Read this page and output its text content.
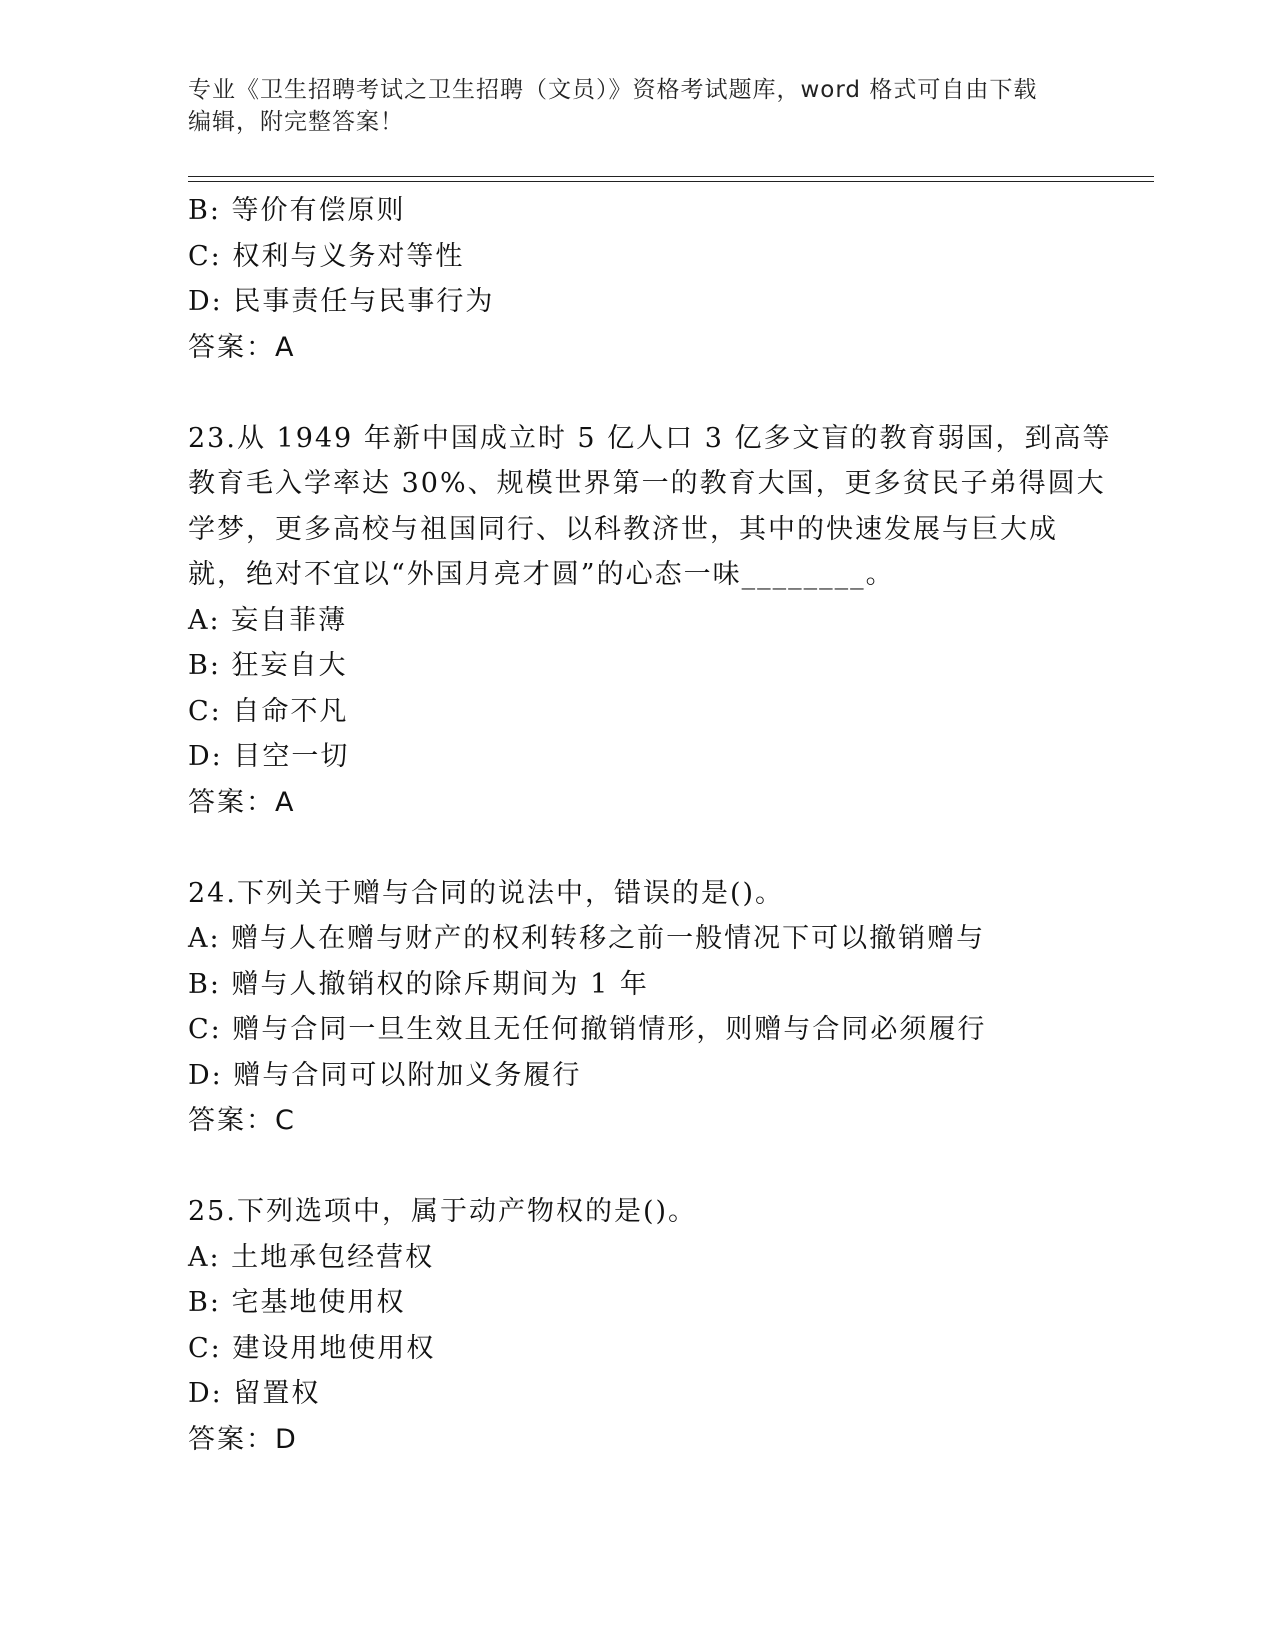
专业《卫生招聘考试之卫生招聘（文员）》资格考试题库，word 格式可自由下载
编辑，附完整答案！
B: 等价有偿原则
C: 权利与义务对等性
D: 民事责任与民事行为
答案：A
23.从 1949 年新中国成立时 5 亿人口 3 亿多文盲的教育弱国，到高等
教育毛入学率达 30%、规模世界第一的教育大国，更多贫民子弟得圆大
学梦，更多高校与祖国同行、以科教济世，其中的快速发展与巨大成
就，绝对不宜以“外国月亮才圆”的心态一味________。
A: 妄自菲薄
B: 狂妄自大
C: 自命不凡
D: 目空一切
答案：A
24.下列关于赠与合同的说法中，错误的是()。
A: 赠与人在赠与财产的权利转移之前一般情况下可以撤销赠与
B: 赠与人撤销权的除斥期间为 1 年
C: 赠与合同一旦生效且无任何撤销情形，则赠与合同必须履行
D: 赠与合同可以附加义务履行
答案：C
25.下列选项中，属于动产物权的是()。
A: 土地承包经营权
B: 宅基地使用权
C: 建设用地使用权
D: 留置权
答案：D
